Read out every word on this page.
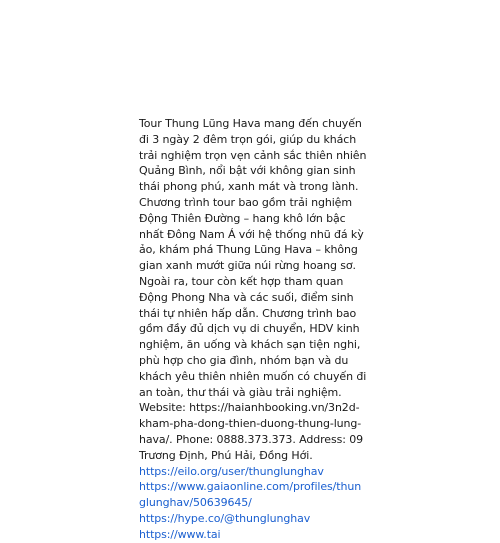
Tour Thung Lũng Hava mang đến chuyến đi 3 ngày 2 đêm trọn gói, giúp du khách trải nghiệm trọn vẹn cảnh sắc thiên nhiên Quảng Bình, nổi bật với không gian sinh thái phong phú, xanh mát và trong lành. Chương trình tour bao gồm trải nghiệm Động Thiên Đường – hang khô lớn bậc nhất Đông Nam Á với hệ thống nhũ đá kỳ ảo, khám phá Thung Lũng Hava – không gian xanh mướt giữa núi rừng hoang sơ. Ngoài ra, tour còn kết hợp tham quan Động Phong Nha và các suối, điểm sinh thái tự nhiên hấp dẫn. Chương trình bao gồm đầy đủ dịch vụ di chuyển, HDV kinh nghiệm, ăn uống và khách sạn tiện nghi, phù hợp cho gia đình, nhóm bạn và du khách yêu thiên nhiên muốn có chuyến đi an toàn, thư thái và giàu trải nghiệm. Website: https://haianhbooking.vn/3n2d-kham-pha-dong-thien-duong-thung-lung-hava/. Phone: 0888.373.373. Address: 09 Trương Định, Phú Hải, Đồng Hới.

https://eilo.org/user/thunglunghav
https://www.gaiaonline.com/profiles/thunglunghav/50639645/
https://hype.co/@thunglunghav
https://www.tai
